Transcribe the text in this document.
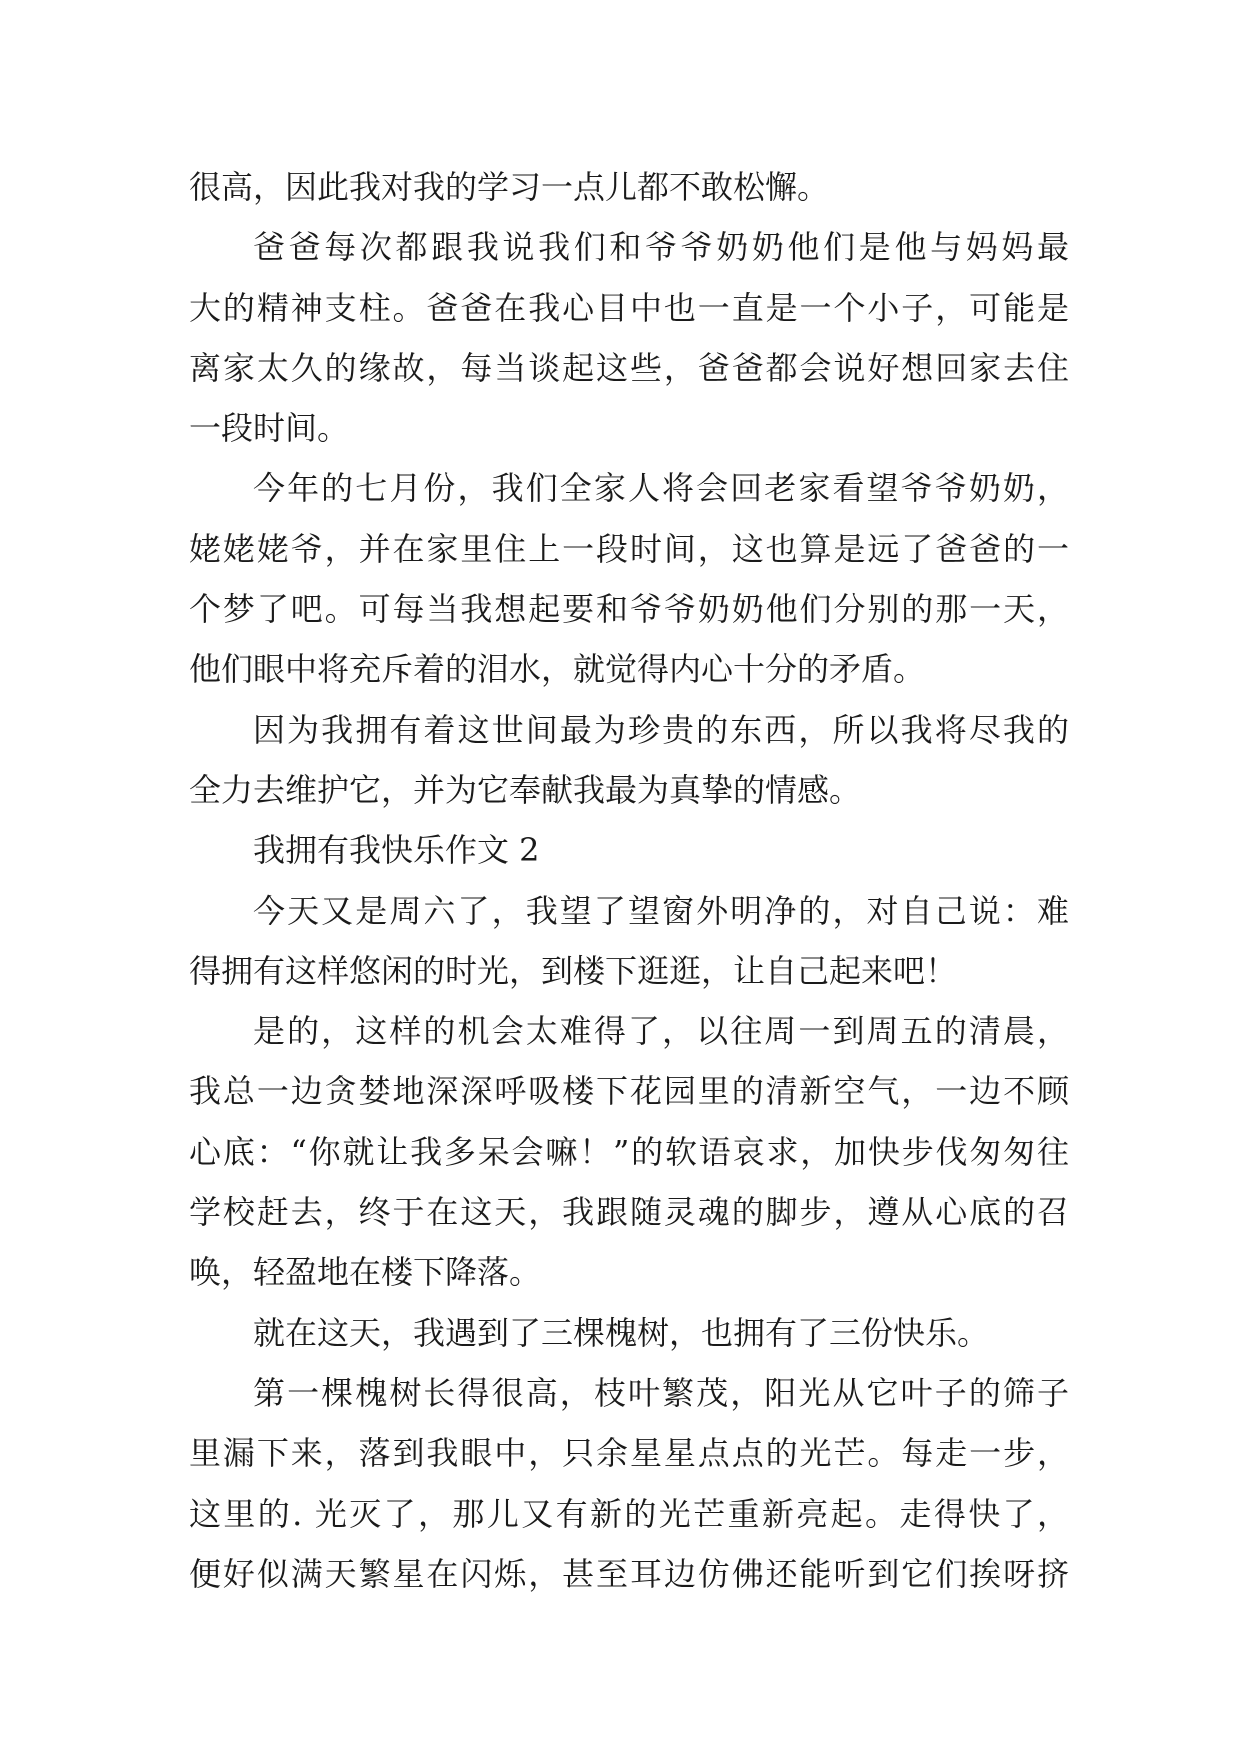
很高，因此我对我的学习一点儿都不敢松懈。
爸爸每次都跟我说我们和爷爷奶奶他们是他与妈妈最
大的精神支柱。爸爸在我心目中也一直是一个小子，可能是
离家太久的缘故，每当谈起这些，爸爸都会说好想回家去住
一段时间。
今年的七月份，我们全家人将会回老家看望爷爷奶奶，
姥姥姥爷，并在家里住上一段时间，这也算是远了爸爸的一
个梦了吧。可每当我想起要和爷爷奶奶他们分别的那一天，
他们眼中将充斥着的泪水，就觉得内心十分的矛盾。
因为我拥有着这世间最为珍贵的东西，所以我将尽我的
全力去维护它，并为它奉献我最为真挚的情感。
我拥有我快乐作文 2
今天又是周六了，我望了望窗外明净的，对自己说：难
得拥有这样悠闲的时光，到楼下逛逛，让自己起来吧！
是的，这样的机会太难得了，以往周一到周五的清晨，
我总一边贪婪地深深呼吸楼下花园里的清新空气，一边不顾
心底：“你就让我多呆会嘛！”的软语哀求，加快步伐匆匆往
学校赶去，终于在这天，我跟随灵魂的脚步，遵从心底的召
唤，轻盈地在楼下降落。
就在这天，我遇到了三棵槐树，也拥有了三份快乐。
第一棵槐树长得很高，枝叶繁茂，阳光从它叶子的筛子
里漏下来，落到我眼中，只余星星点点的光芒。每走一步，
这里的. 光灭了，那儿又有新的光芒重新亮起。走得快了，
便好似满天繁星在闪烁，甚至耳边仿佛还能听到它们挨呀挤
